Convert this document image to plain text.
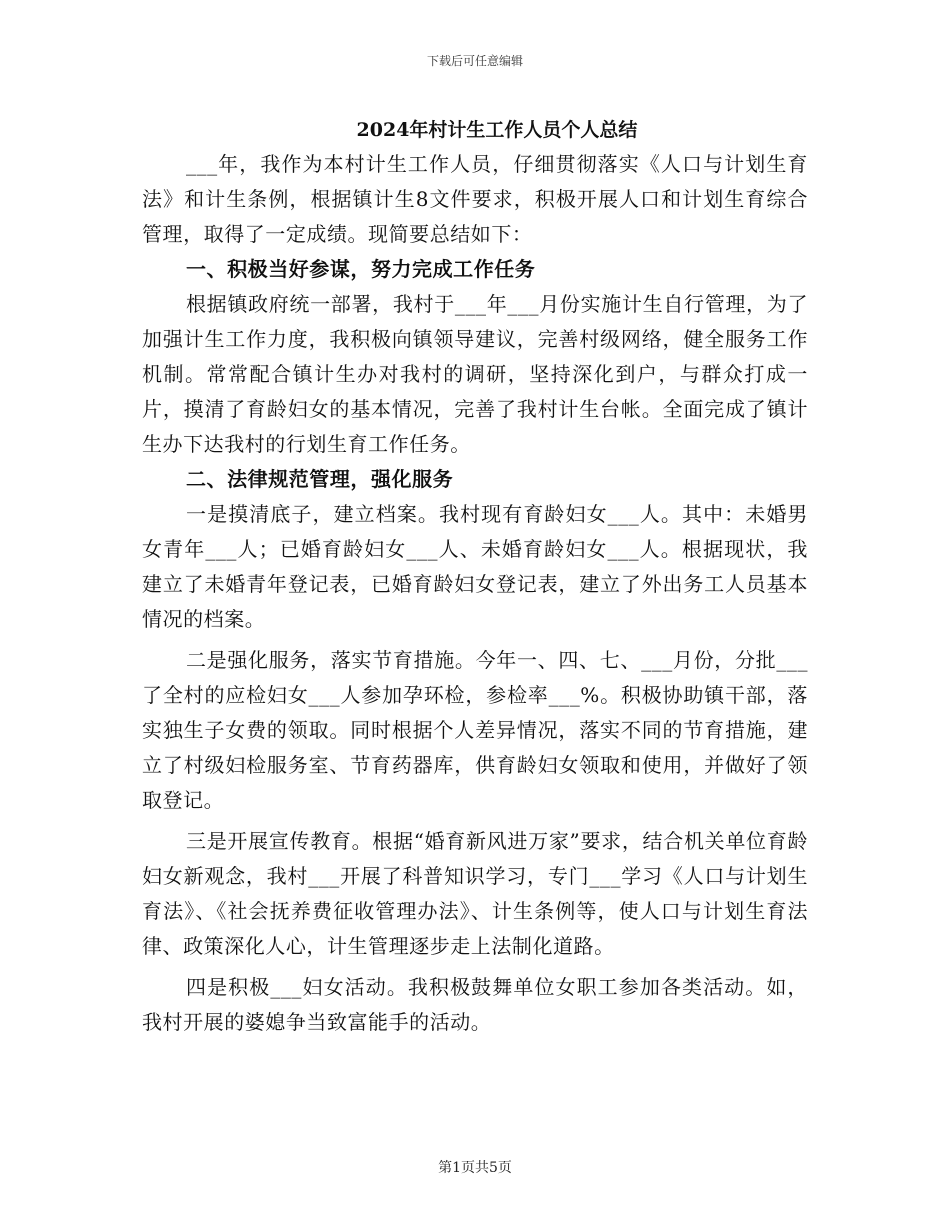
下载后可任意编辑
2024年村计生工作人员个人总结

___年，我作为本村计生工作人员，仔细贯彻落实《人口与计划生育法》和计生条例，根据镇计生8文件要求，积极开展人口和计划生育综合管理，取得了一定成绩。现简要总结如下：

一、积极当好参谋，努力完成工作任务

根据镇政府统一部署，我村于___年___月份实施计生自行管理，为了加强计生工作力度，我积极向镇领导建议，完善村级网络，健全服务工作机制。常常配合镇计生办对我村的调研，坚持深化到户，与群众打成一片，摸清了育龄妇女的基本情况，完善了我村计生台帐。全面完成了镇计生办下达我村的行划生育工作任务。

二、法律规范管理，强化服务

一是摸清底子，建立档案。我村现有育龄妇女___人。其中：未婚男女青年___人；已婚育龄妇女___人、未婚育龄妇女___人。根据现状，我建立了未婚青年登记表，已婚育龄妇女登记表，建立了外出务工人员基本情况的档案。

二是强化服务，落实节育措施。今年一、四、七、___月份，分批___了全村的应检妇女___人参加孕环检，参检率___%。积极协助镇干部，落实独生子女费的领取。同时根据个人差异情况，落实不同的节育措施，建立了村级妇检服务室、节育药器库，供育龄妇女领取和使用，并做好了领取登记。

三是开展宣传教育。根据“婚育新风进万家”要求，结合机关单位育龄妇女新观念，我村___开展了科普知识学习，专门___学习《人口与计划生育法》、《社会抚养费征收管理办法》、计生条例等，使人口与计划生育法律、政策深化人心，计生管理逐步走上法制化道路。

四是积极___妇女活动。我积极鼓舞单位女职工参加各类活动。如，我村开展的婆媳争当致富能手的活动。

第1页共5页
